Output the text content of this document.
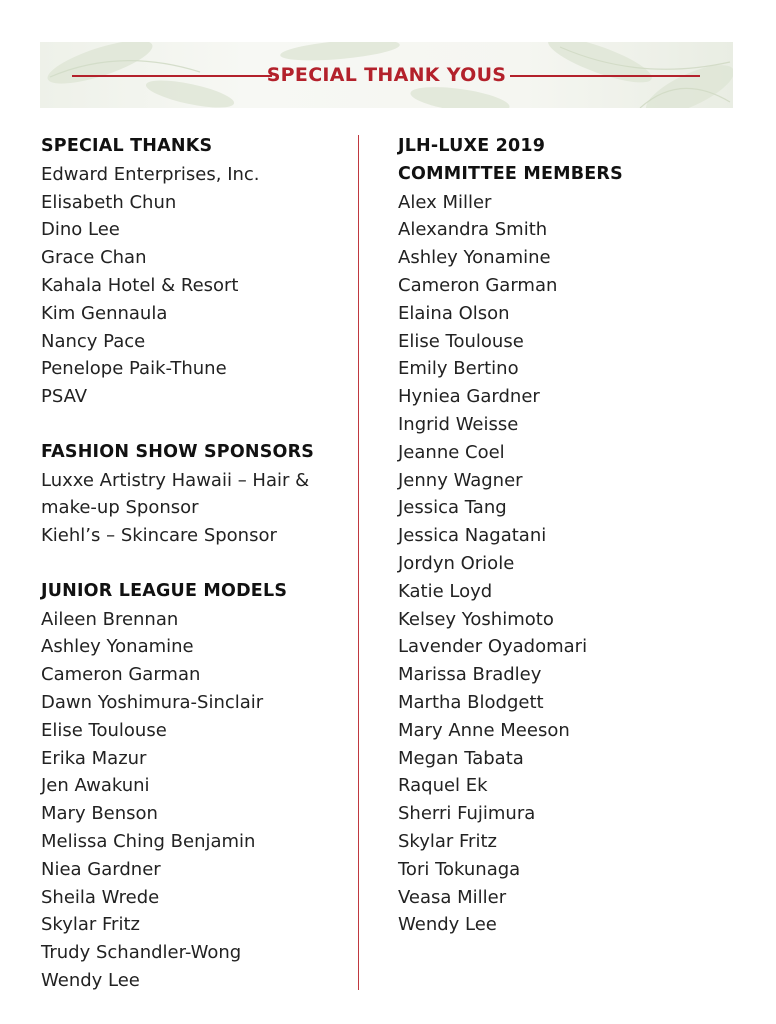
SPECIAL THANK YOUS
SPECIAL THANKS
Edward Enterprises, Inc.
Elisabeth Chun
Dino Lee
Grace Chan
Kahala Hotel & Resort
Kim Gennaula
Nancy Pace
Penelope Paik-Thune
PSAV
FASHION SHOW SPONSORS
Luxxe Artistry Hawaii – Hair &
make-up Sponsor
Kiehl’s – Skincare Sponsor
JUNIOR LEAGUE MODELS
Aileen Brennan
Ashley Yonamine
Cameron Garman
Dawn Yoshimura-Sinclair
Elise Toulouse
Erika Mazur
Jen Awakuni
Mary Benson
Melissa Ching Benjamin
Niea Gardner
Sheila Wrede
Skylar Fritz
Trudy Schandler-Wong
Wendy Lee
JLH-LUXE 2019
COMMITTEE MEMBERS
Alex Miller
Alexandra Smith
Ashley Yonamine
Cameron Garman
Elaina Olson
Elise Toulouse
Emily Bertino
Hyniea Gardner
Ingrid Weisse
Jeanne Coel
Jenny Wagner
Jessica Tang
Jessica Nagatani
Jordyn Oriole
Katie Loyd
Kelsey Yoshimoto
Lavender Oyadomari
Marissa Bradley
Martha Blodgett
Mary Anne Meeson
Megan Tabata
Raquel Ek
Sherri Fujimura
Skylar Fritz
Tori Tokunaga
Veasa Miller
Wendy Lee
